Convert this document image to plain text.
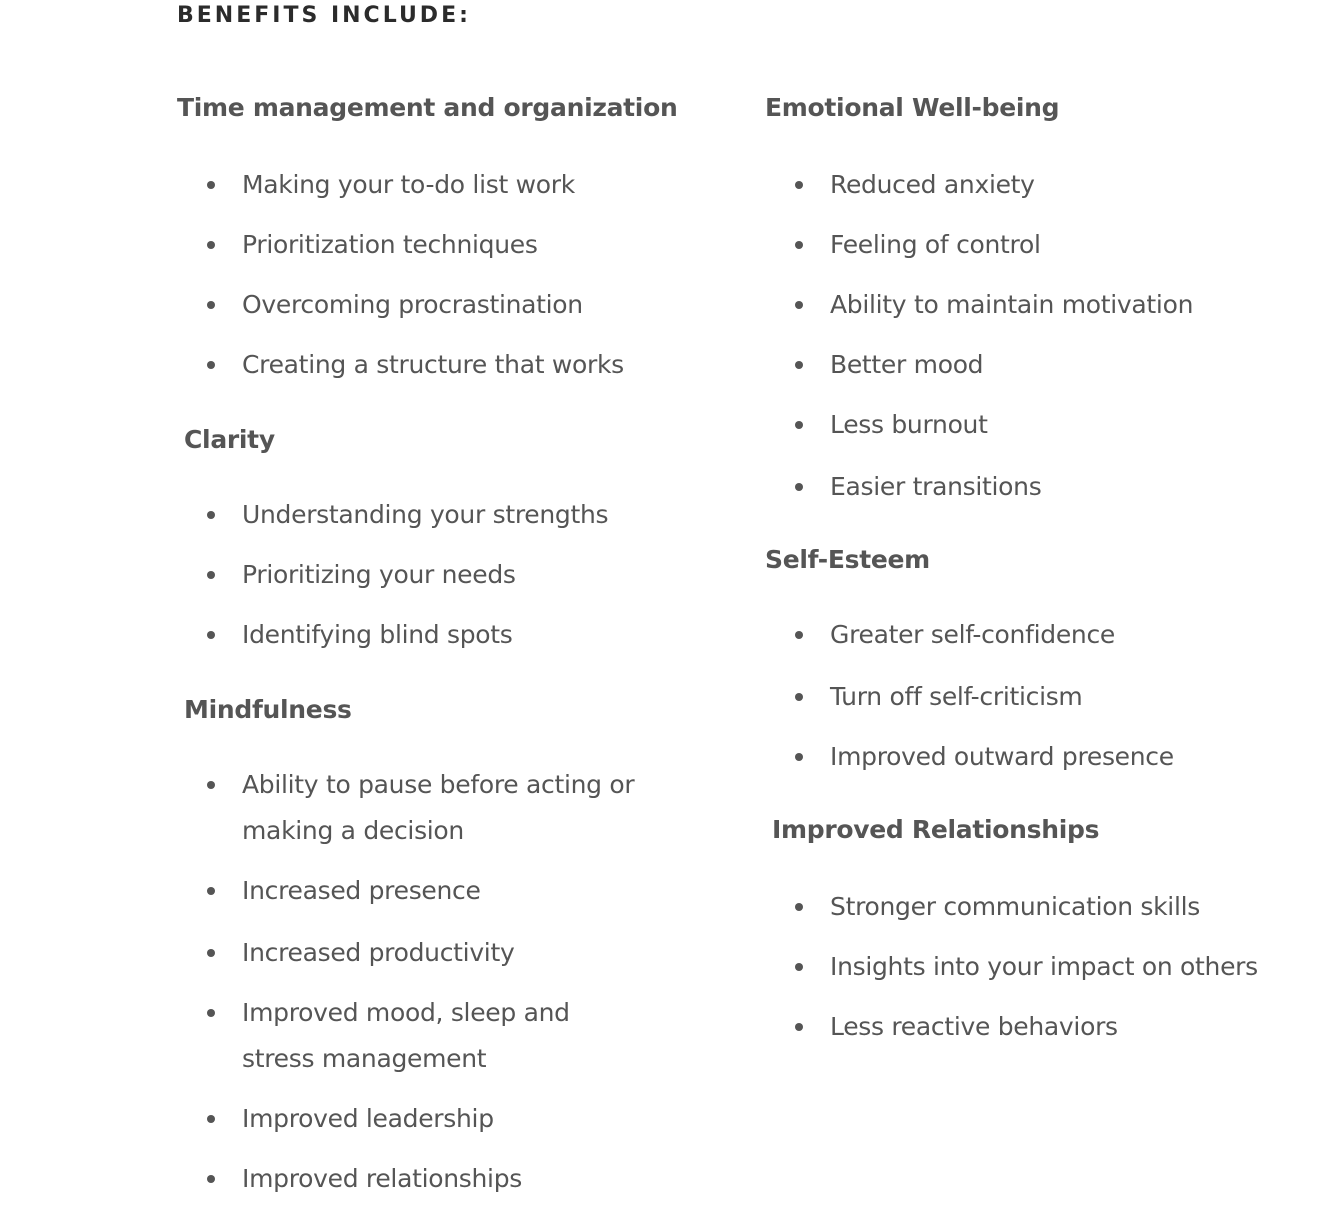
BENEFITS INCLUDE:
Time management and organization
Making your to-do list work
Prioritization techniques
Overcoming procrastination
Creating a structure that works
Clarity
Understanding your strengths
Prioritizing your needs
Identifying blind spots
Mindfulness
Ability to pause before acting or making a decision
Increased presence
Increased productivity
Improved mood, sleep and stress management
Improved leadership
Improved relationships
Emotional Well-being
Reduced anxiety
Feeling of control
Ability to maintain motivation
Better mood
Less burnout
Easier transitions
Self-Esteem
Greater self-confidence
Turn off self-criticism
Improved outward presence
Improved Relationships
Stronger communication skills
Insights into your impact on others
Less reactive behaviors
